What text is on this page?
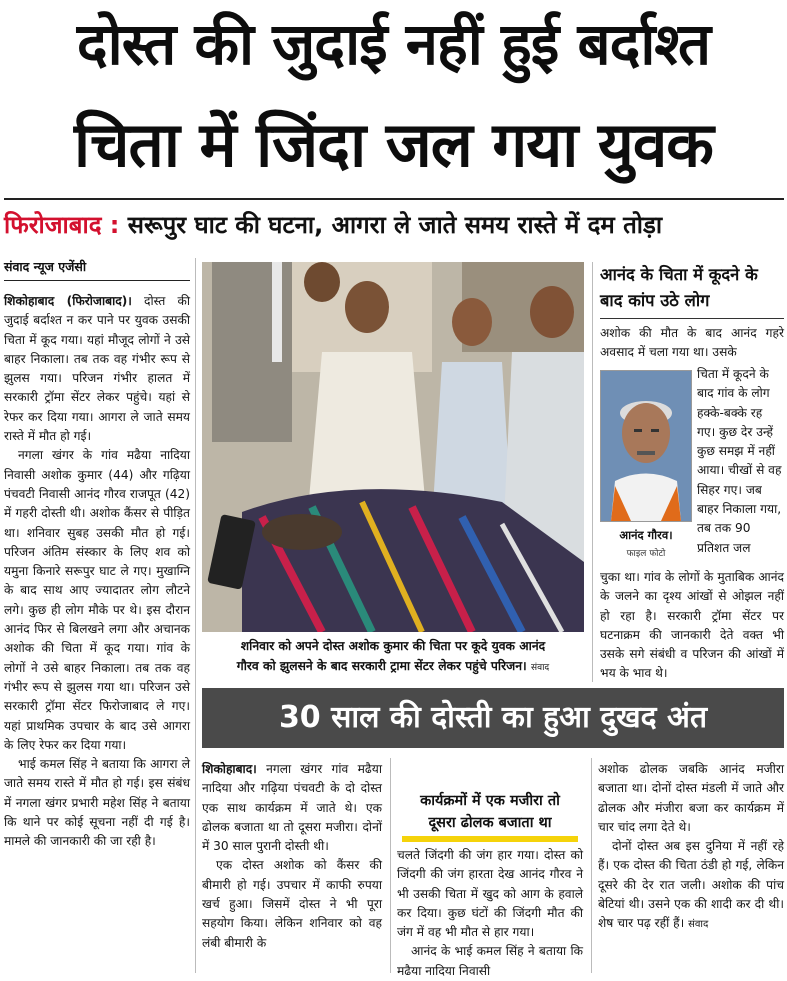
दोस्त की जुदाई नहीं हुई बर्दाश्त
चिता में जिंदा जल गया युवक
फिरोजाबाद : सरूपुर घाट की घटना, आगरा ले जाते समय रास्ते में दम तोड़ा
संवाद न्यूज एजेंसी

शिकोहाबाद (फिरोजाबाद)। दोस्त की जुदाई बर्दाश्त न कर पाने पर युवक उसकी चिता में कूद गया। यहां मौजूद लोगों ने उसे बाहर निकाला। तब तक वह गंभीर रूप से झुलस गया। परिजन गंभीर हालत में सरकारी ट्रॉमा सेंटर लेकर पहुंचे। यहां से रेफर कर दिया गया। आगरा ले जाते समय रास्ते में मौत हो गई।

नगला खंगर के गांव मढैया नादिया निवासी अशोक कुमार (44) और गढ़िया पंचवटी निवासी आनंद गौरव राजपूत (42) में गहरी दोस्ती थी। अशोक कैंसर से पीड़ित था। शनिवार सुबह उसकी मौत हो गई। परिजन अंतिम संस्कार के लिए शव को यमुना किनारे सरूपुर घाट ले गए। मुखाग्नि के बाद साथ आए ज्यादातर लोग लौटने लगे। कुछ ही लोग मौके पर थे। इस दौरान आनंद फिर से बिलखने लगा और अचानक अशोक की चिता में कूद गया। गांव के लोगों ने उसे बाहर निकाला। तब तक वह गंभीर रूप से झुलस गया था। परिजन उसे सरकारी ट्रॉमा सेंटर फिरोजाबाद ले गए। यहां प्राथमिक उपचार के बाद उसे आगरा के लिए रेफर कर दिया गया।

भाई कमल सिंह ने बताया कि आगरा ले जाते समय रास्ते में मौत हो गई। इस संबंध में नगला खंगर प्रभारी महेश सिंह ने बताया कि थाने पर कोई सूचना नहीं दी गई है। मामले की जानकारी की जा रही है।

शनिवार को अपने दोस्त अशोक कुमार की चिता पर कूदे युवक आनंद
गौरव को झुलसने के बाद सरकारी ट्रामा सेंटर लेकर पहुंचे परिजन। संवाद
आनंद के चिता में कूदने के बाद कांप उठे लोग
अशोक की मौत के बाद आनंद गहरे अवसाद में चला गया था। उसके
आनंद गौरव।
फाइल फोटो
चिता में कूदने के बाद गांव के लोग हक्के-बक्के रह गए। कुछ देर उन्हें कुछ समझ में नहीं आया। चीखों से वह सिहर गए। जब बाहर निकाला गया, तब तक 90 प्रतिशत जल
चुका था। गांव के लोगों के मुताबिक आनंद के जलने का दृश्य आंखों से ओझल नहीं हो रहा है। सरकारी ट्रॉमा सेंटर पर घटनाक्रम की जानकारी देते वक्त भी उसके सगे संबंधी व परिजन की आंखों में भय के भाव थे।
30 साल की दोस्ती का हुआ दुखद अंत

शिकोहाबाद। नगला खंगर गांव मढैया नादिया और गढ़िया पंचवटी के दो दोस्त एक साथ कार्यक्रम में जाते थे। एक ढोलक बजाता था तो दूसरा मजीरा। दोनों में 30 साल पुरानी दोस्ती थी।

एक दोस्त अशोक को कैंसर की बीमारी हो गई। उपचार में काफी रुपया खर्च हुआ। जिसमें दोस्त ने भी पूरा सहयोग किया। लेकिन शनिवार को वह लंबी बीमारी के

कार्यक्रमों में एक मजीरा तो
दूसरा ढोलक बजाता था

चलते जिंदगी की जंग हार गया। दोस्त को जिंदगी की जंग हारता देख आनंद गौरव ने भी उसकी चिता में खुद को आग के हवाले कर दिया। कुछ घंटों की जिंदगी मौत की जंग में वह भी मौत से हार गया।

आनंद के भाई कमल सिंह ने बताया कि मढैया नादिया निवासी

अशोक ढोलक जबकि आनंद मजीरा बजाता था। दोनों दोस्त मंडली में जाते और ढोलक और मंजीरा बजा कर कार्यक्रम में चार चांद लगा देते थे।

दोनों दोस्त अब इस दुनिया में नहीं रहे हैं। एक दोस्त की चिता ठंडी हो गई, लेकिन दूसरे की देर रात जली। अशोक की पांच बेटियां थी। उसने एक की शादी कर दी थी। शेष चार पढ़ रहीं हैं। संवाद
